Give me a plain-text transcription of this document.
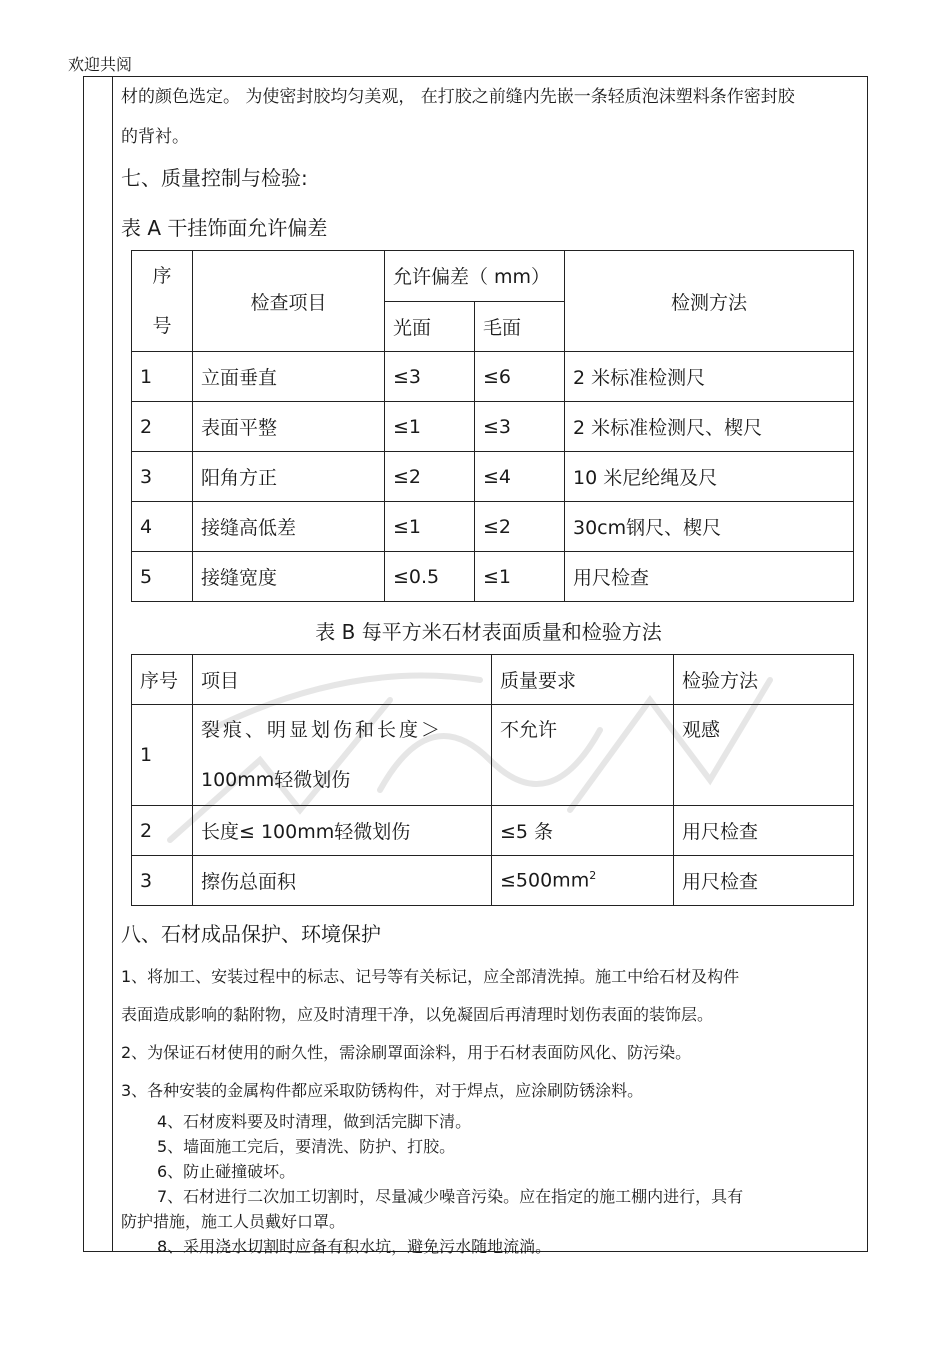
欢迎共阅
材的颜色选定。 为使密封胶均匀美观， 在打胶之前缝内先嵌一条轻质泡沫塑料条作密封胶
的背衬。
七、质量控制与检验:
表 A 干挂饰面允许偏差
序
号	检查项目	允许偏差（ mm）		检测方法
		光面	毛面	
1	立面垂直	≤3	≤6	2 米标准检测尺
2	表面平整	≤1	≤3	2 米标准检测尺、楔尺
3	阳角方正	≤2	≤4	10 米尼纶绳及尺
4	接缝高低差	≤1	≤2	30cm钢尺、楔尺
5	接缝宽度	≤0.5	≤1	用尺检查
表 B 每平方米石材表面质量和检验方法
序号	项目	质量要求	检验方法
1	裂痕、明显划伤和长度＞
100mm轻微划伤	不允许	观感
2	长度≤ 100mm轻微划伤	≤5 条	用尺检查
3	擦伤总面积	$\le 500mm^2$	用尺检查
八、石材成品保护、环境保护
1、将加工、安装过程中的标志、记号等有关标记，应全部清洗掉。施工中给石材及构件
表面造成影响的黏附物，应及时清理干净，以免凝固后再清理时划伤表面的装饰层。
2、为保证石材使用的耐久性，需涂刷罩面涂料，用于石材表面防风化、防污染。
3、各种安装的金属构件都应采取防锈构件，对于焊点，应涂刷防锈涂料。
4、石材废料要及时清理，做到活完脚下清。
5、墙面施工完后，要清洗、防护、打胶。
6、防止碰撞破坏。
7、石材进行二次加工切割时，尽量减少噪音污染。应在指定的施工棚内进行，具有
防护措施，施工人员戴好口罩。
8、采用浇水切割时应备有积水坑，避免污水随地流淌。
